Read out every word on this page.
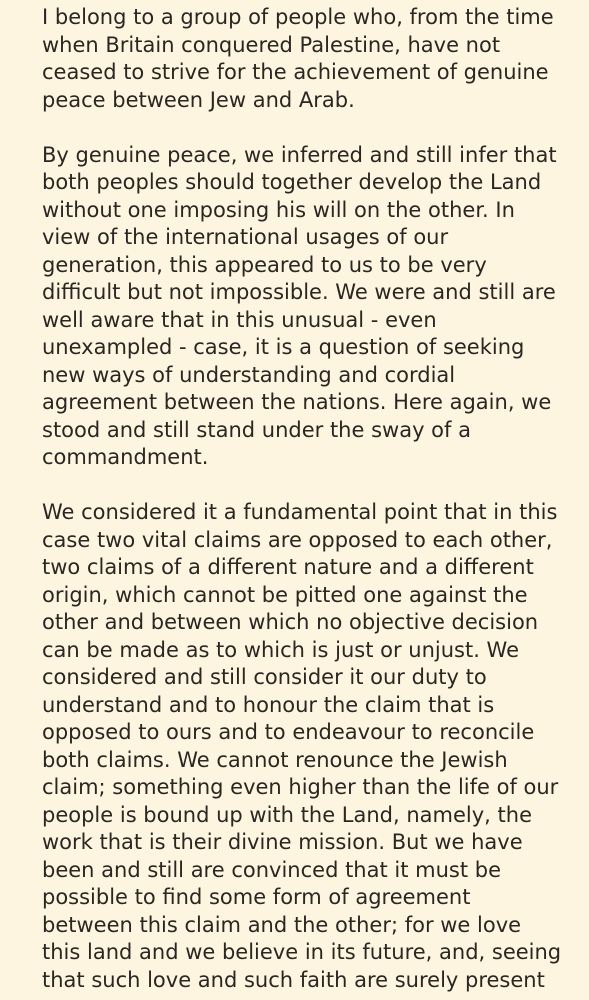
I belong to a group of people who, from the time
when Britain conquered Palestine, have not
ceased to strive for the achievement of genuine
peace between Jew and Arab.
By genuine peace, we inferred and still infer that
both peoples should together develop the Land
without one imposing his will on the other. In
view of the international usages of our
generation, this appeared to us to be very
difficult but not impossible. We were and still are
well aware that in this unusual - even
unexampled - case, it is a question of seeking
new ways of understanding and cordial
agreement between the nations. Here again, we
stood and still stand under the sway of a
commandment.
We considered it a fundamental point that in this
case two vital claims are opposed to each other,
two claims of a different nature and a different
origin, which cannot be pitted one against the
other and between which no objective decision
can be made as to which is just or unjust. We
considered and still consider it our duty to
understand and to honour the claim that is
opposed to ours and to endeavour to reconcile
both claims. We cannot renounce the Jewish
claim; something even higher than the life of our
people is bound up with the Land, namely, the
work that is their divine mission. But we have
been and still are convinced that it must be
possible to find some form of agreement
between this claim and the other; for we love
this land and we believe in its future, and, seeing
that such love and such faith are surely present
